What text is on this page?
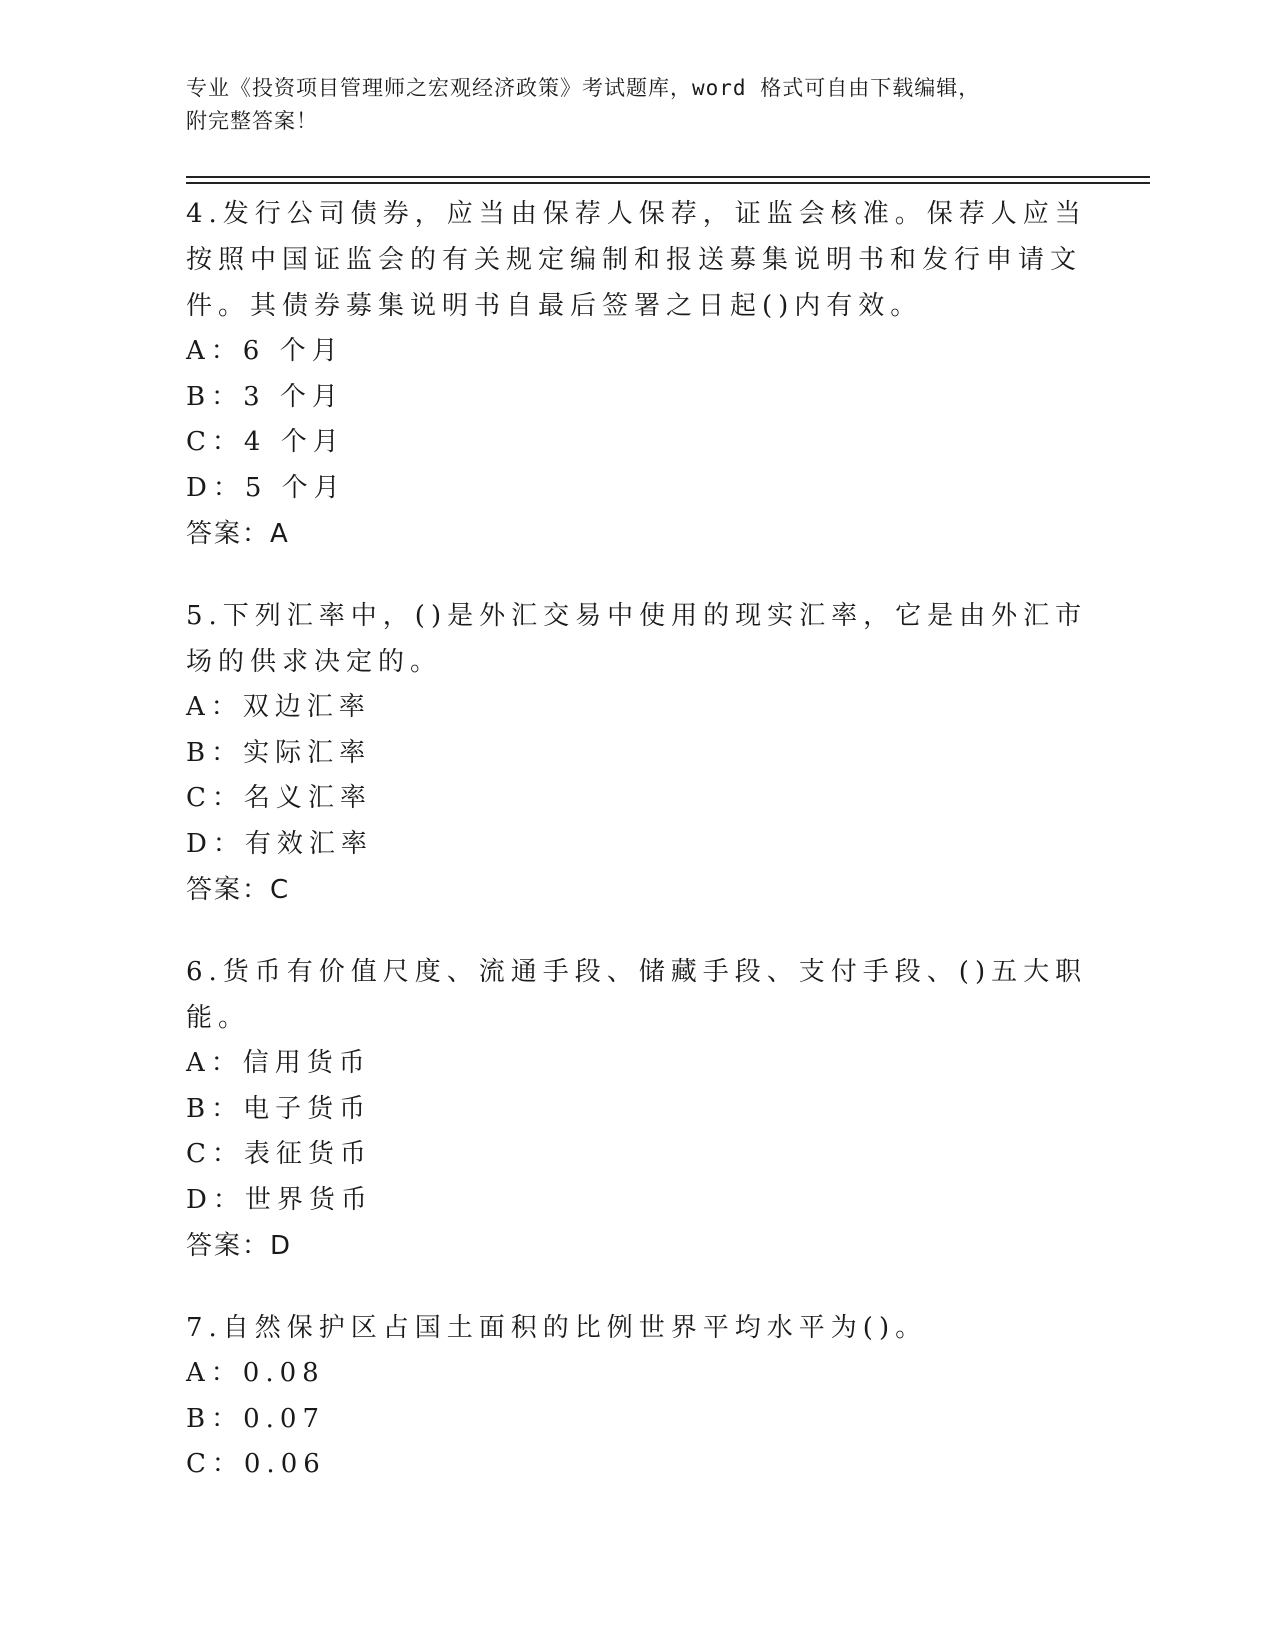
专业《投资项目管理师之宏观经济政策》考试题库，word 格式可自由下载编辑，
附完整答案！

4.发行公司债券，应当由保荐人保荐，证监会核准。保荐人应当按照中国证监会的有关规定编制和报送募集说明书和发行申请文件。其债券募集说明书自最后签署之日起()内有效。

A：6 个月

B：3 个月

C：4 个月

D：5 个月

答案：A

5.下列汇率中，()是外汇交易中使用的现实汇率，它是由外汇市场的供求决定的。

A：双边汇率

B：实际汇率

C：名义汇率

D：有效汇率

答案：C

6.货币有价值尺度、流通手段、储藏手段、支付手段、()五大职能。

A：信用货币

B：电子货币

C：表征货币

D：世界货币

答案：D

7.自然保护区占国土面积的比例世界平均水平为()。

A：0.08

B：0.07

C：0.06
